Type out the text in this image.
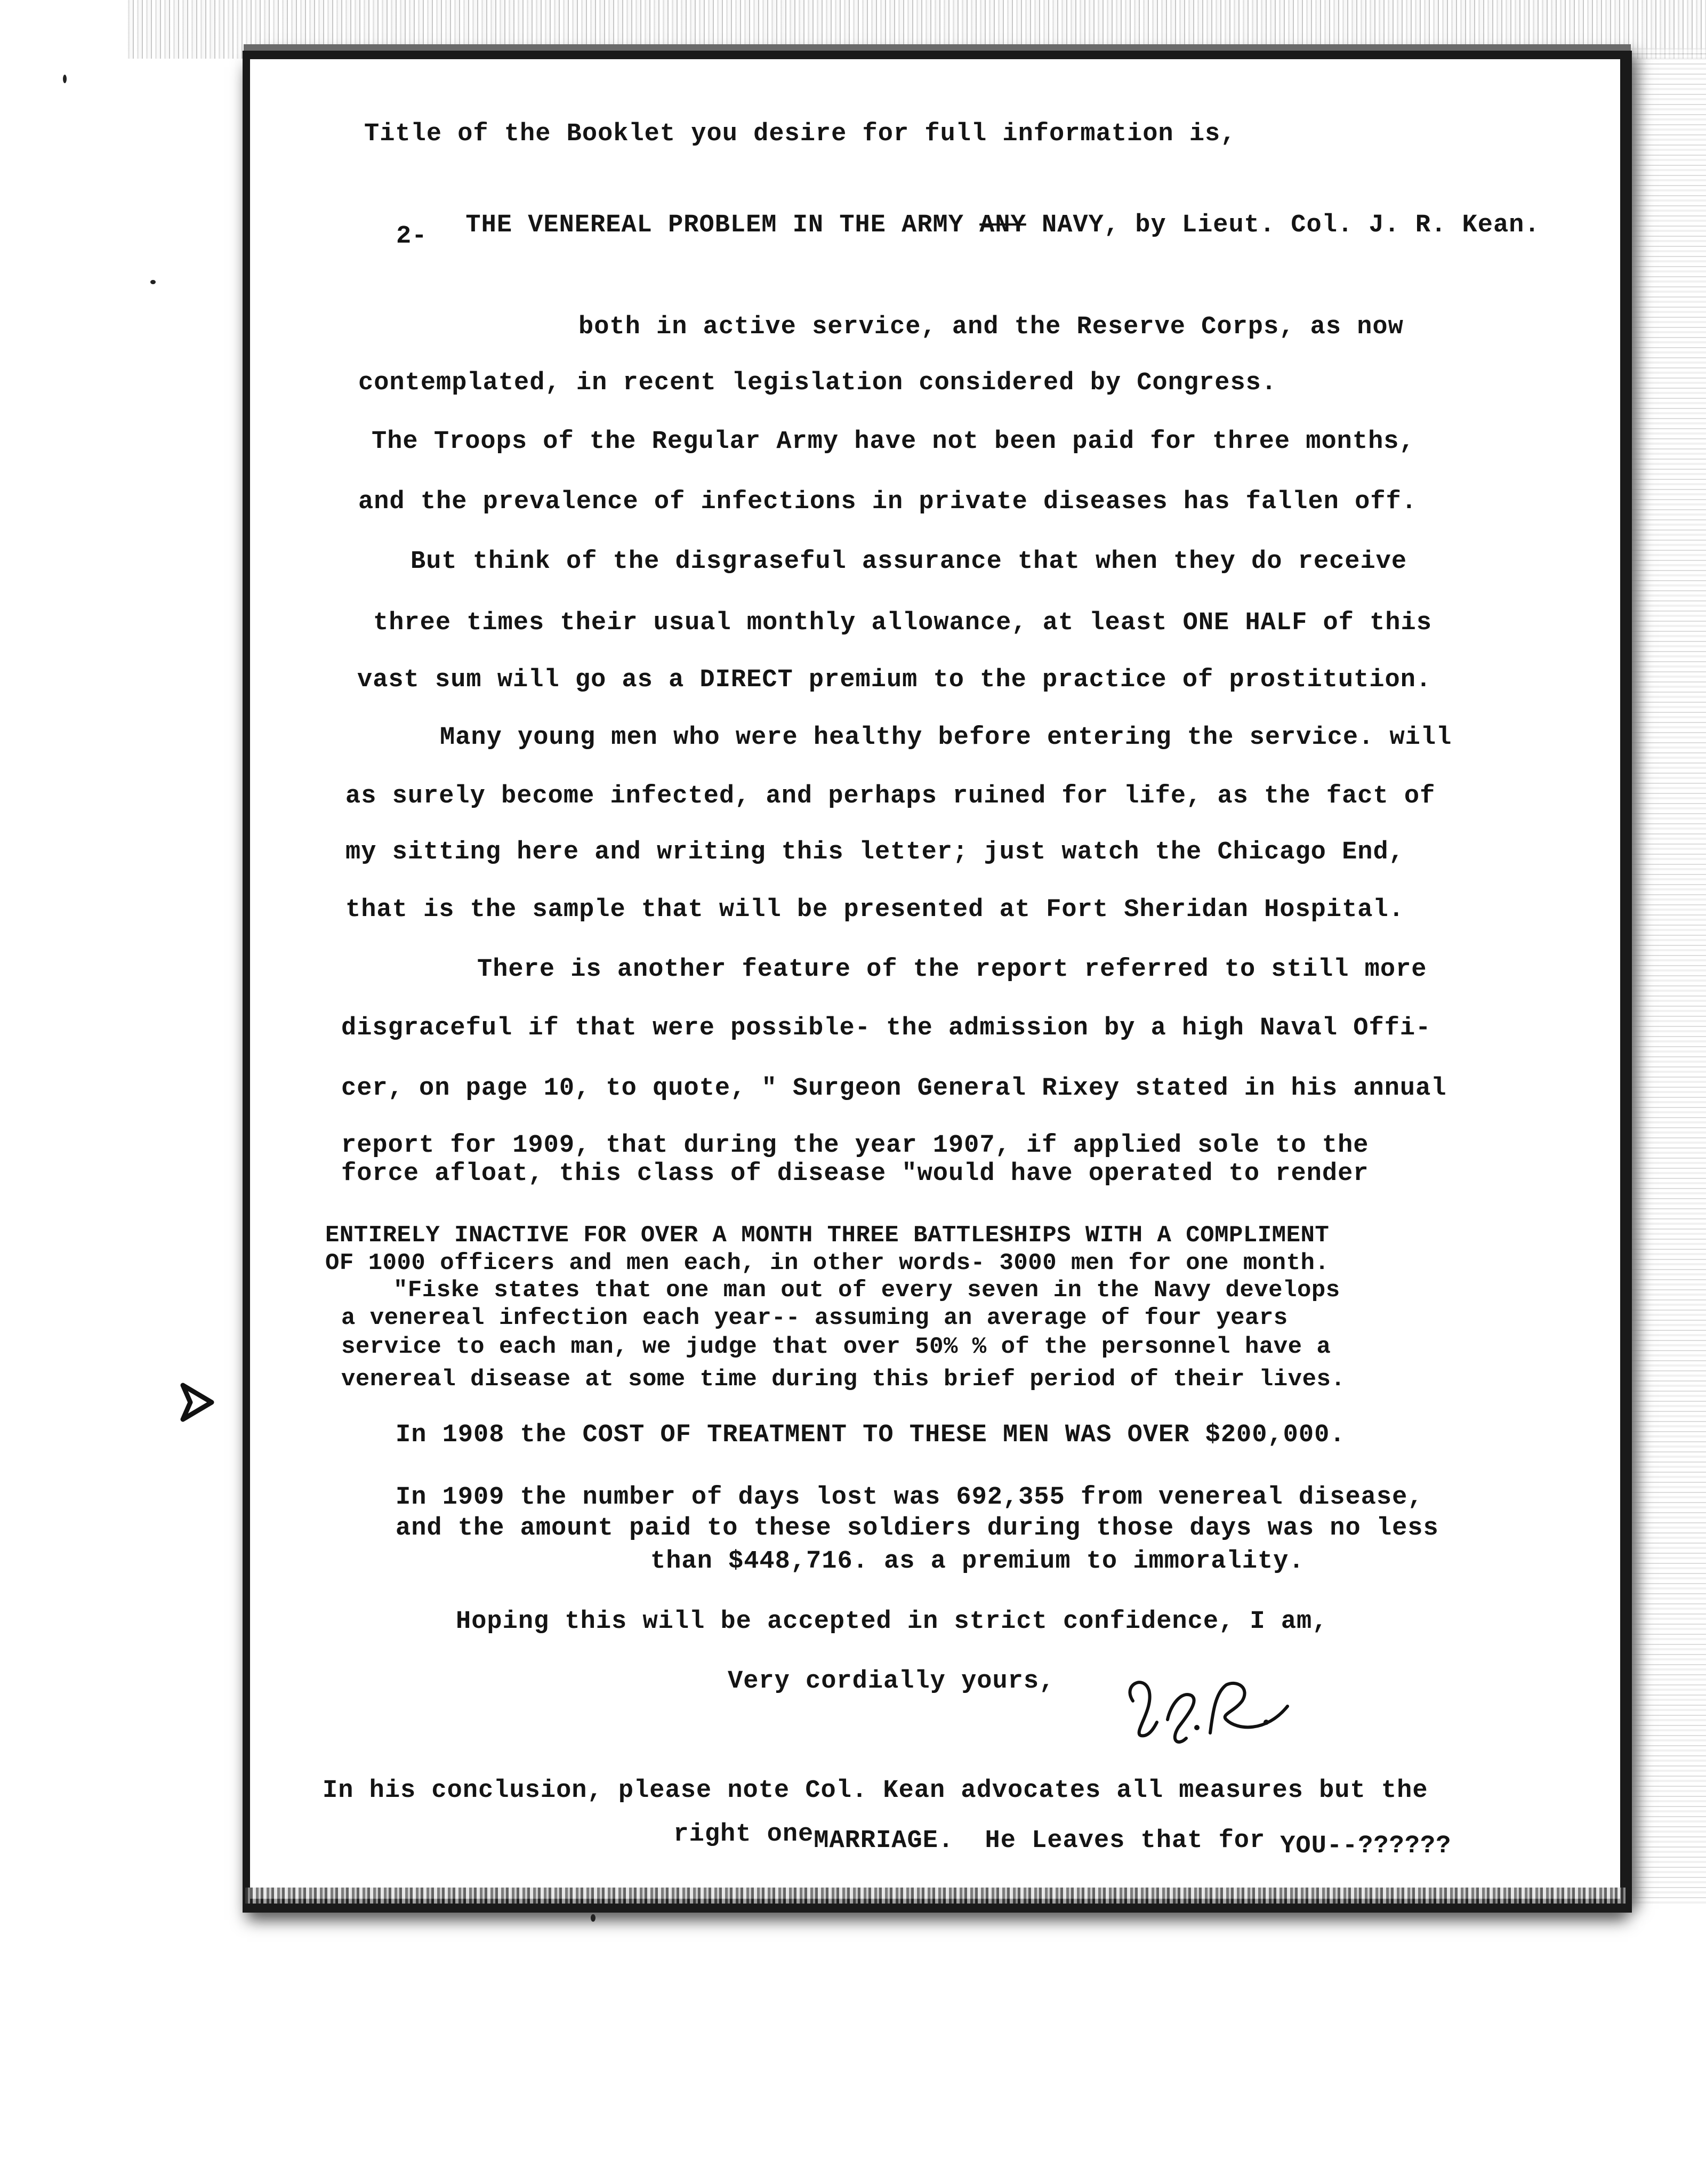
Title of the Booklet you desire for full information is,

THE VENEREAL PROBLEM IN THE ARMY ANY NAVY, by Lieut. Col. J. R. Kean.

2-
both in active service, and the Reserve Corps, as now
contemplated, in recent legislation considered by Congress.
The Troops of the Regular Army have not been paid for three months,
and the prevalence of infections in private diseases has fallen off.
But think of the disgraseful assurance that when they do receive
three times their usual monthly allowance, at least ONE HALF of this
vast sum will go as a DIRECT premium to the practice of prostitution.
Many young men who were healthy before entering the service. will
as surely become infected, and perhaps ruined for life, as the fact of
my sitting here and writing this letter; just watch the Chicago End,
that is the sample that will be presented at Fort Sheridan Hospital.
There is another feature of the report referred to still more
disgraceful if that were possible- the admission by a high Naval Offi-
cer, on page 10, to quote, " Surgeon General Rixey stated in his annual
report for 1909, that during the year 1907, if applied sole to the
force afloat, this class of disease "would have operated to render
ENTIRELY INACTIVE FOR OVER A MONTH THREE BATTLESHIPS WITH A COMPLIMENT
OF 1000 officers and men each, in other words- 3000 men for one month.
"Fiske states that one man out of every seven in the Navy develops
a venereal infection each year-- assuming an average of four years
service to each man, we judge that over 50% % of the personnel have a
venereal disease at some time during this brief period of their lives.
In 1908 the COST OF TREATMENT TO THESE MEN WAS OVER $200,000.
In 1909 the number of days lost was 692,355 from venereal disease,
and the amount paid to these soldiers during those days was no less
than $448,716. as a premium to immorality.
Hoping this will be accepted in strict confidence, I am,
Very cordially yours,
In his conclusion, please note Col. Kean advocates all measures but the

right oneMARRIAGE.  He Leaves that for YOU--??????
